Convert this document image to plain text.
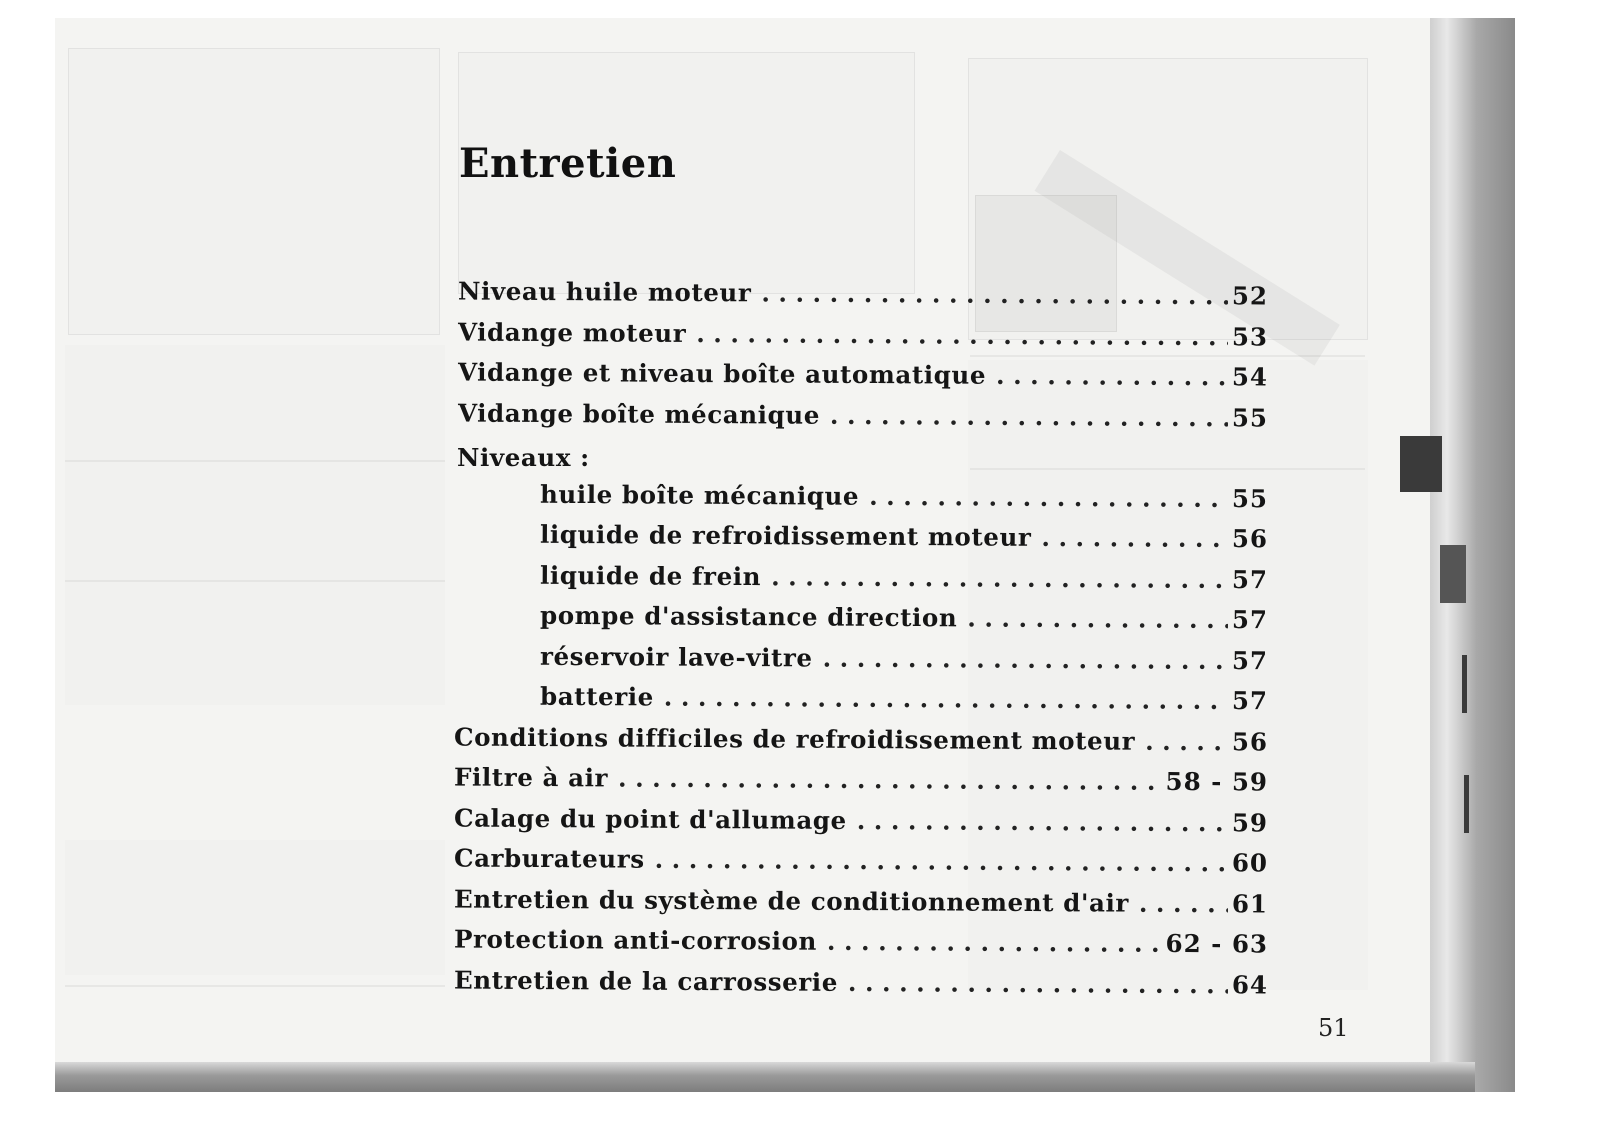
Entretien
Niveau huile moteur . . .	52
Vidange moteur . . .	53
Vidange et niveau boîte automatique . . .	54
Vidange boîte mécanique . . .	55
Niveaux :
huile boîte mécanique . . .	55
liquide de refroidissement moteur . . .	56
liquide de frein . . .	57
pompe d'assistance direction . . .	57
réservoir lave-vitre . . .	57
batterie . . .	57
Conditions difficiles de refroidissement moteur . . .	56
Filtre à air . . .	58 - 59
Calage du point d'allumage . . .	59
Carburateurs . . .	60
Entretien du système de conditionnement d'air . . .	61
Protection anti-corrosion . . .	62 - 63
Entretien de la carrosserie . . .	64
51
